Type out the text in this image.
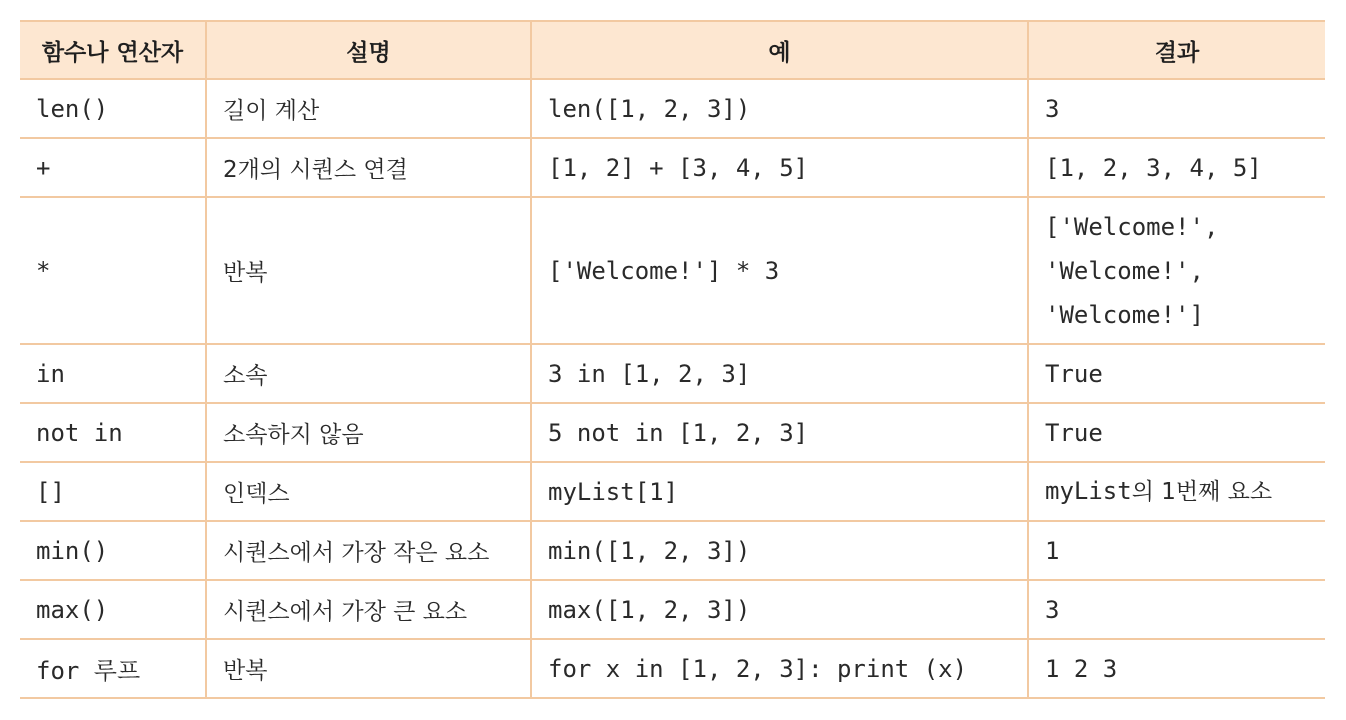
함수나 연산자	설명	예	결과
len()	길이 계산	len([1, 2, 3])	3

+	2개의 시퀀스 연결	[1, 2] + [3, 4, 5]	[1, 2, 3, 4, 5]

*	반복	['Welcome!'] * 3	['Welcome!',
'Welcome!',
'Welcome!']

in	소속	3 in [1, 2, 3]	True

not in	소속하지 않음	5 not in [1, 2, 3]	True

[]	인덱스	myList[1]	myList의 1번째 요소

min()	시퀀스에서 가장 작은 요소	min([1, 2, 3])	1

max()	시퀀스에서 가장 큰 요소	max([1, 2, 3])	3

for 루프	반복	for x in [1, 2, 3]: print (x)	1 2 3
